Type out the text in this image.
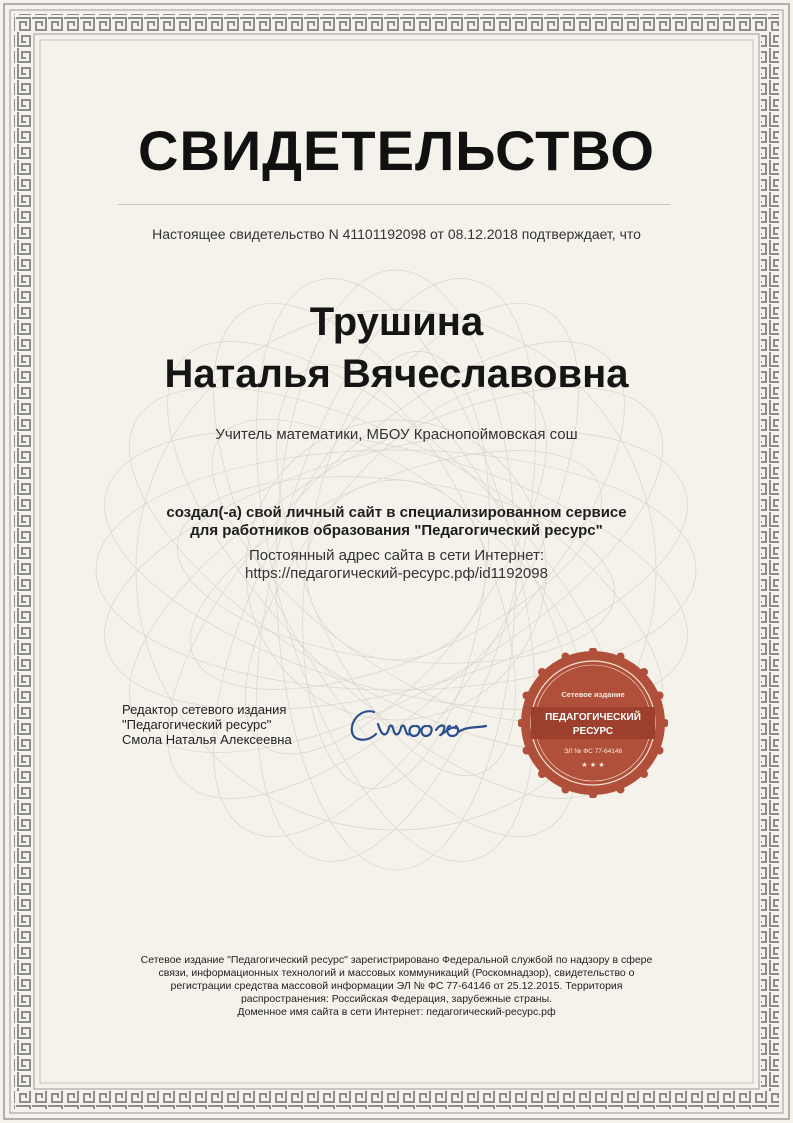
СВИДЕТЕЛЬСТВО
Настоящее свидетельство N 41101192098 от 08.12.2018 подтверждает, что
Трушина
Наталья Вячеславовна
Учитель математики, МБОУ Краснопоймовская сош
создал(-а) свой личный сайт в специализированном сервисе
для работников образования "Педагогический ресурс"
Постоянный адрес сайта в сети Интернет:
https://педагогический-ресурс.рф/id1192098
Редактор сетевого издания
"Педагогический ресурс"
Смола Наталья Алексеевна
Сетевое издание
ПЕДАГОГИЧЕСКИЙ
РЕСУРС
ЭЛ № ФС 77-64146
★ ★ ★
Сетевое издание "Педагогический ресурс" зарегистрировано Федеральной службой по надзору в сфере
связи, информационных технологий и массовых коммуникаций (Роскомнадзор), свидетельство о
регистрации средства массовой информации ЭЛ № ФС 77-64146 от 25.12.2015. Территория
распространения: Российская Федерация, зарубежные страны.
Доменное имя сайта в сети Интернет: педагогический-ресурс.рф
